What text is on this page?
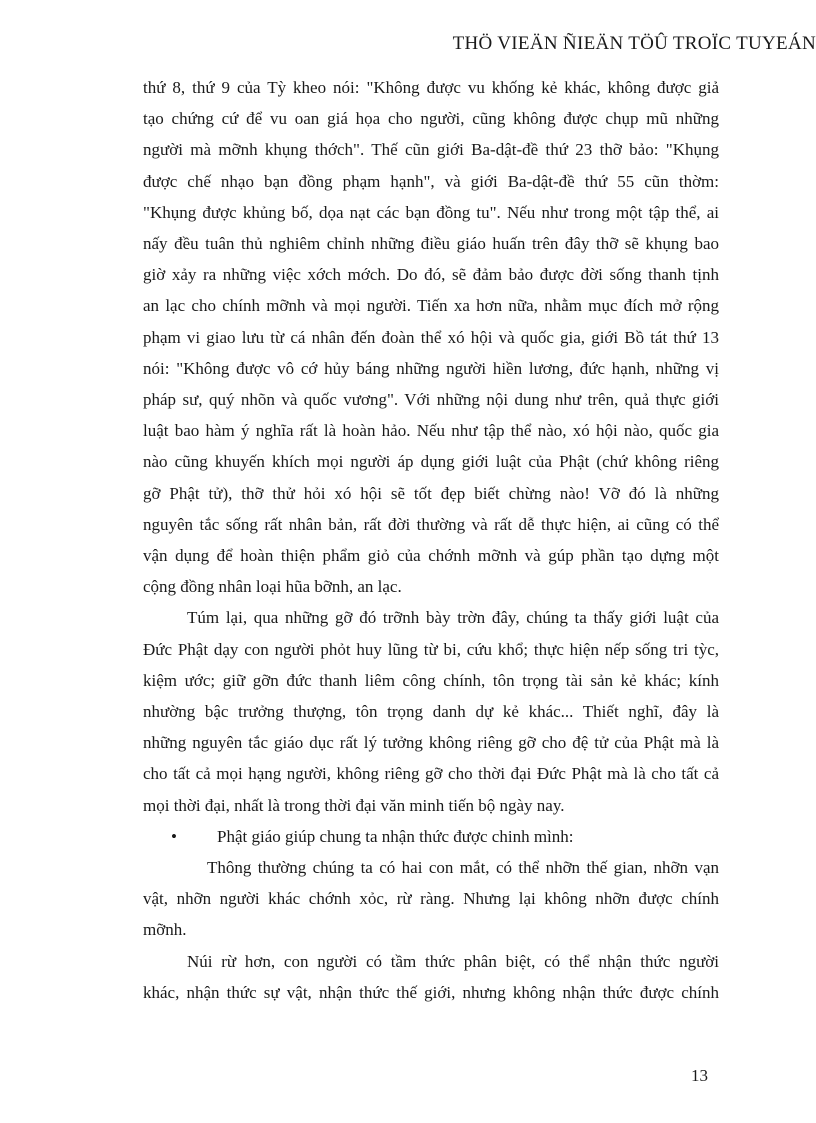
THÖ VIEÄN ÑIEÄN TÖÛ TROÏC TUYEÁN
thứ 8, thứ 9 của Tỳ kheo nói: "Không được vu khống kẻ khác, không được giả
tạo chứng cứ để vu oan giá họa cho người, cũng không được chụp mũ những
người mà mỡnh khụng thớch". Thế cũn giới Ba-dật-đề thứ 23 thỡ bảo: "Khụng
được chế nhạo bạn đồng phạm hạnh", và giới Ba-dật-đề thứ 55 cũn thờm:
"Khụng được khủng bố, dọa nạt các bạn đồng tu". Nếu như trong một tập thể, ai
nấy đều tuân thủ nghiêm chỉnh những điều giáo huấn trên đây thỡ sẽ khụng bao
giờ xảy ra những việc xớch mớch. Do đó, sẽ đảm bảo được đời sống thanh tịnh
an lạc cho chính mỡnh và mọi người. Tiến xa hơn nữa, nhằm mục đích mở rộng
phạm vi giao lưu từ cá nhân đến đoàn thể xó hội và quốc gia, giới Bồ tát thứ 13
nói: "Không được vô cớ hủy báng những người hiền lương, đức hạnh, những vị
pháp sư, quý nhõn và quốc vương". Với những nội dung như trên, quả thực giới
luật bao hàm ý nghĩa rất là hoàn hảo. Nếu như tập thể nào, xó hội nào, quốc gia
nào cũng khuyến khích mọi người áp dụng giới luật của Phật (chứ không riêng
gỡ Phật tử), thỡ thử hỏi xó hội sẽ tốt đẹp biết chừng nào! Vỡ đó là những
nguyên tắc sống rất nhân bản, rất đời thường và rất dễ thực hiện, ai cũng có thể
vận dụng để hoàn thiện phẩm giỏ của chớnh mỡnh và gúp phần tạo dựng một
cộng đồng nhân loại hũa bỡnh, an lạc.
Túm lại, qua những gỡ đó trỡnh bày trờn đây, chúng ta thấy giới luật của
Đức Phật dạy con người phỏt huy lũng từ bi, cứu khổ; thực hiện nếp sống tri tỳc,
kiệm ước; giữ gỡn đức thanh liêm công chính, tôn trọng tài sản kẻ khác; kính
nhường bậc trưởng thượng, tôn trọng danh dự kẻ khác... Thiết nghĩ, đây là
những nguyên tắc giáo dục rất lý tưởng không riêng gỡ cho đệ tử của Phật mà là
cho tất cả mọi hạng người, không riêng gỡ cho thời đại Đức Phật mà là cho tất cả
mọi thời đại, nhất là trong thời đại văn minh tiến bộ ngày nay.
•	Phật giáo giúp chung ta nhận thức được chinh mình:
Thông thường chúng ta có hai con mắt, có thể nhỡn thế gian, nhỡn vạn
vật, nhỡn người khác chớnh xỏc, rừ ràng. Nhưng lại không nhỡn được chính
mỡnh.
Núi rừ hơn, con người có tầm thức phân biệt, có thể nhận thức người
khác, nhận thức sự vật, nhận thức thế giới, nhưng không nhận thức được chính
13
